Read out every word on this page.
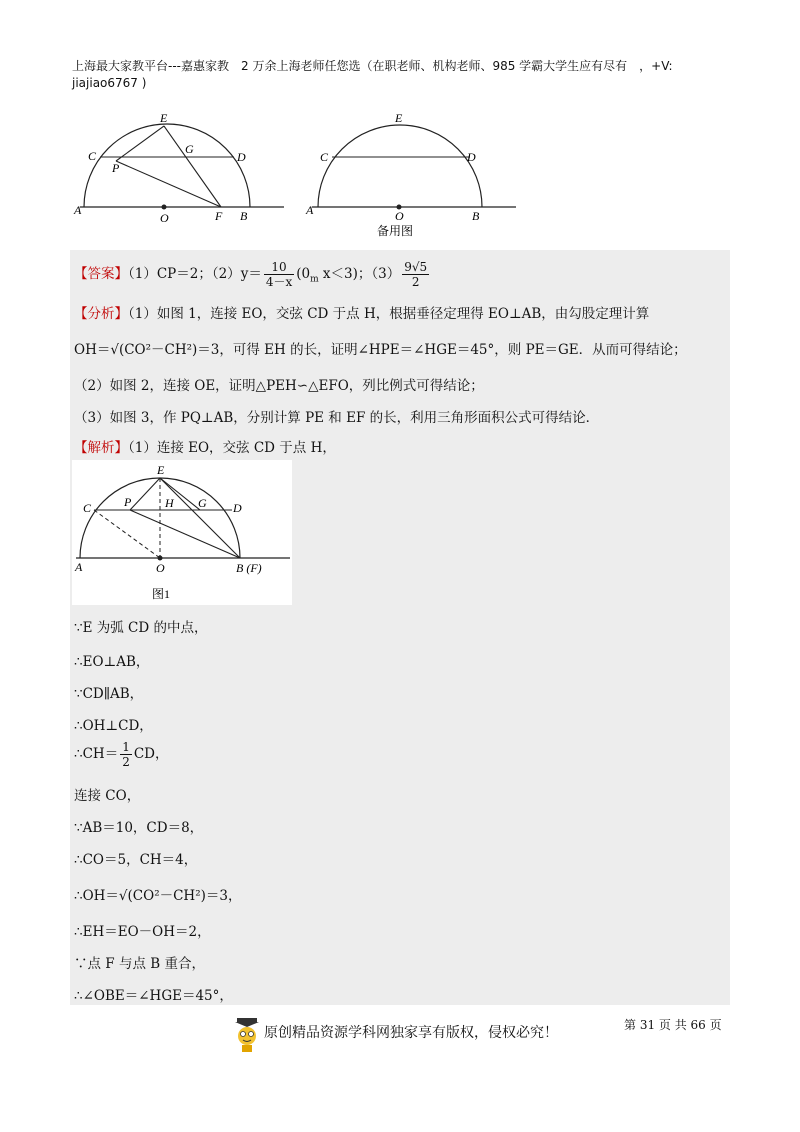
上海最大家教平台---嘉惠家教　2 万余上海老师任您选（在职老师、机构老师、985 学霸大学生应有尽有　，+V:
jiajiao6767 )
E
C
P
G
D
A
O	F B
E
C	D
A	O	B
备用图
【答案】（1）CP＝2；$(2)y= \frac{10}{4-x} (0_m$ x＜3)；$(3) \frac{9√5}{2}$
【分析】（1）如图 1，连接 EO，交弦 CD 于点 H，根据垂径定理得 EO⊥AB，由勾股定理计算
OH＝√(CO²－CH²)＝3，可得 EH 的长，证明∠HPE＝∠HGE＝45°，则 PE＝GE．从而可得结论；
（2）如图 2，连接 OE，证明△PEH∽△EFO，列比例式可得结论；
（3）如图 3，作 PQ⊥AB，分别计算 PE 和 EF 的长，利用三角形面积公式可得结论．
【解析】（1）连接 EO，交弦 CD 于点 H，
E
C	P	H G D
A	O	B (F)
图1
∵E 为弧 CD 的中点，
∴EO⊥AB，
∵CD∥AB，
∴OH⊥CD，
∴CH＝ $\frac{1}{2}$ CD，
连接 CO，
∵AB＝10，CD＝8，
∴CO＝5，CH＝4，
∴OH＝√(CO²－CH²)＝3，
∴EH＝EO－OH＝2，
∵点 F 与点 B 重合，
∴∠OBE＝∠HGE＝45°，
原创精品资源学科网独家享有版权，侵权必究！	第 31 页 共 66 页
